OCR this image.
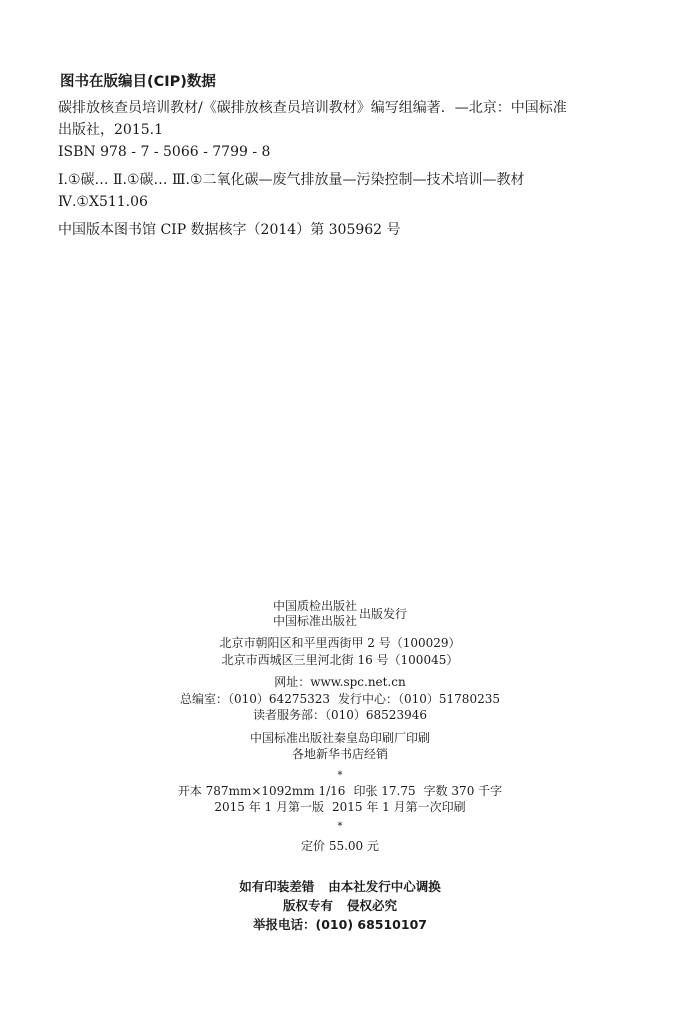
图书在版编目(CIP)数据
碳排放核查员培训教材/《碳排放核查员培训教材》编写组编著．—北京：中国标准
出版社，2015.1
ISBN 978 - 7 - 5066 - 7799 - 8
Ⅰ.①碳… Ⅱ.①碳… Ⅲ.①二氧化碳—废气排放量—污染控制—技术培训—教材
Ⅳ.①X511.06
中国版本图书馆 CIP 数据核字（2014）第 305962 号
中国质检出版社
中国标准出版社
出版发行
北京市朝阳区和平里西街甲 2 号（100029）
北京市西城区三里河北街 16 号（100045）
网址：www.spc.net.cn
总编室：（010）64275323 发行中心：（010）51780235
读者服务部：（010）68523946
中国标准出版社秦皇岛印刷厂印刷
各地新华书店经销
*
开本 787mm×1092mm 1/16 印张 17.75 字数 370 千字
2015 年 1 月第一版 2015 年 1 月第一次印刷
*
定价 55.00 元
如有印装差错 由本社发行中心调换
版权专有 侵权必究
举报电话：(010) 68510107
